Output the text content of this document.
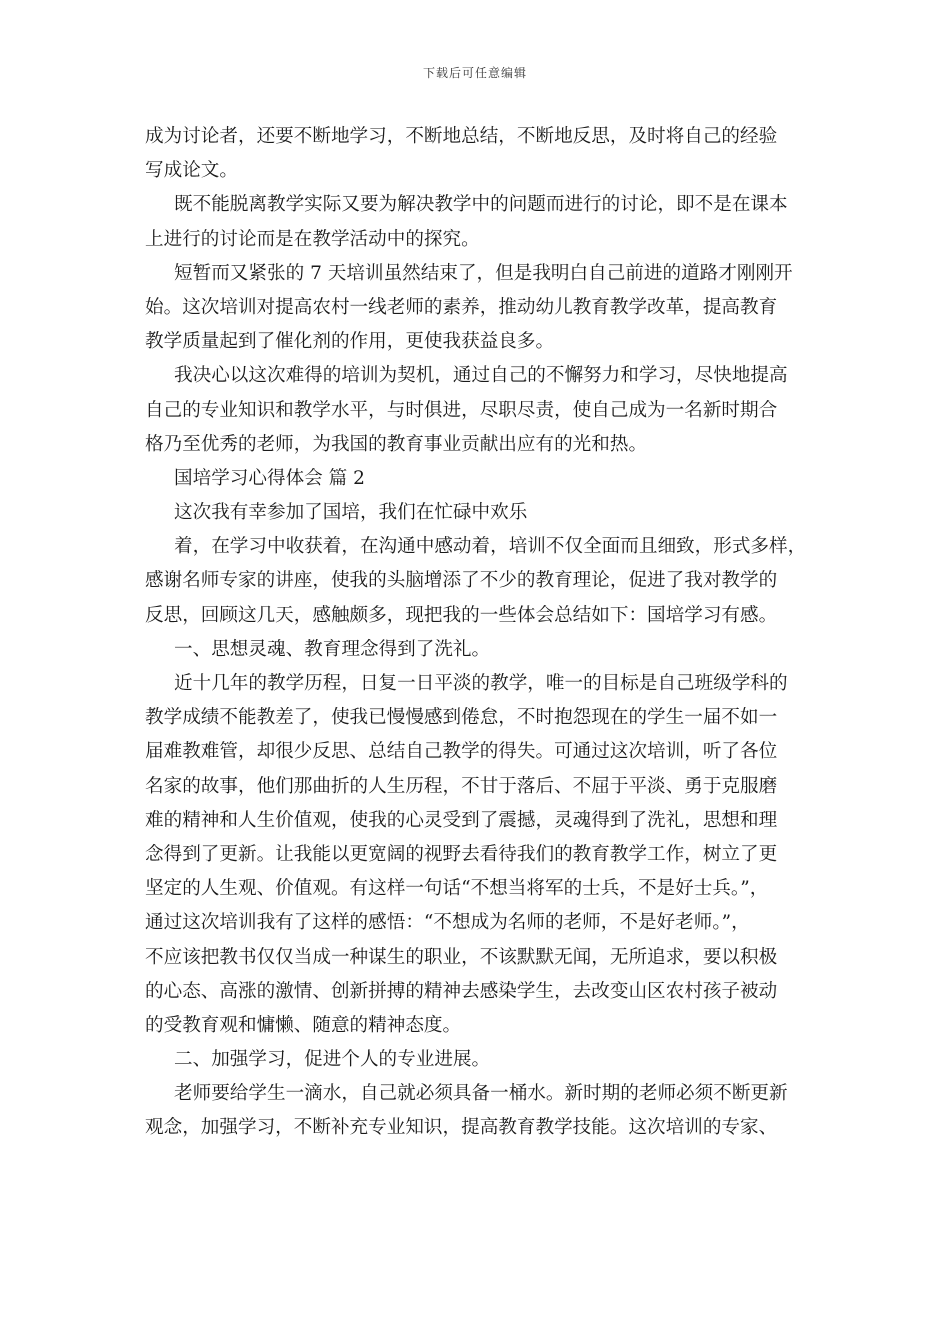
下载后可任意编辑
成为讨论者，还要不断地学习，不断地总结，不断地反思，及时将自己的经验
写成论文。
既不能脱离教学实际又要为解决教学中的问题而进行的讨论，即不是在课本
上进行的讨论而是在教学活动中的探究。
短暂而又紧张的 7 天培训虽然结束了，但是我明白自己前进的道路才刚刚开
始。这次培训对提高农村一线老师的素养，推动幼儿教育教学改革，提高教育
教学质量起到了催化剂的作用，更使我获益良多。
我决心以这次难得的培训为契机，通过自己的不懈努力和学习，尽快地提高
自己的专业知识和教学水平，与时俱进，尽职尽责，使自己成为一名新时期合
格乃至优秀的老师，为我国的教育事业贡献出应有的光和热。
国培学习心得体会 篇 2
这次我有幸参加了国培，我们在忙碌中欢乐
着，在学习中收获着，在沟通中感动着，培训不仅全面而且细致，形式多样，
感谢名师专家的讲座，使我的头脑增添了不少的教育理论，促进了我对教学的
反思，回顾这几天，感触颇多，现把我的一些体会总结如下：国培学习有感。
一、思想灵魂、教育理念得到了洗礼。
近十几年的教学历程，日复一日平淡的教学，唯一的目标是自己班级学科的
教学成绩不能教差了，使我已慢慢感到倦怠，不时抱怨现在的学生一届不如一
届难教难管，却很少反思、总结自己教学的得失。可通过这次培训，听了各位
名家的故事，他们那曲折的人生历程，不甘于落后、不屈于平淡、勇于克服磨
难的精神和人生价值观，使我的心灵受到了震撼，灵魂得到了洗礼，思想和理
念得到了更新。让我能以更宽阔的视野去看待我们的教育教学工作，树立了更
坚定的人生观、价值观。有这样一句话“不想当将军的士兵，不是好士兵。”，
通过这次培训我有了这样的感悟：“不想成为名师的老师，不是好老师。”，
不应该把教书仅仅当成一种谋生的职业，不该默默无闻，无所追求，要以积极
的心态、高涨的激情、创新拼搏的精神去感染学生，去改变山区农村孩子被动
的受教育观和慵懒、随意的精神态度。
二、加强学习，促进个人的专业进展。
老师要给学生一滴水，自己就必须具备一桶水。新时期的老师必须不断更新
观念，加强学习，不断补充专业知识，提高教育教学技能。这次培训的专家、
